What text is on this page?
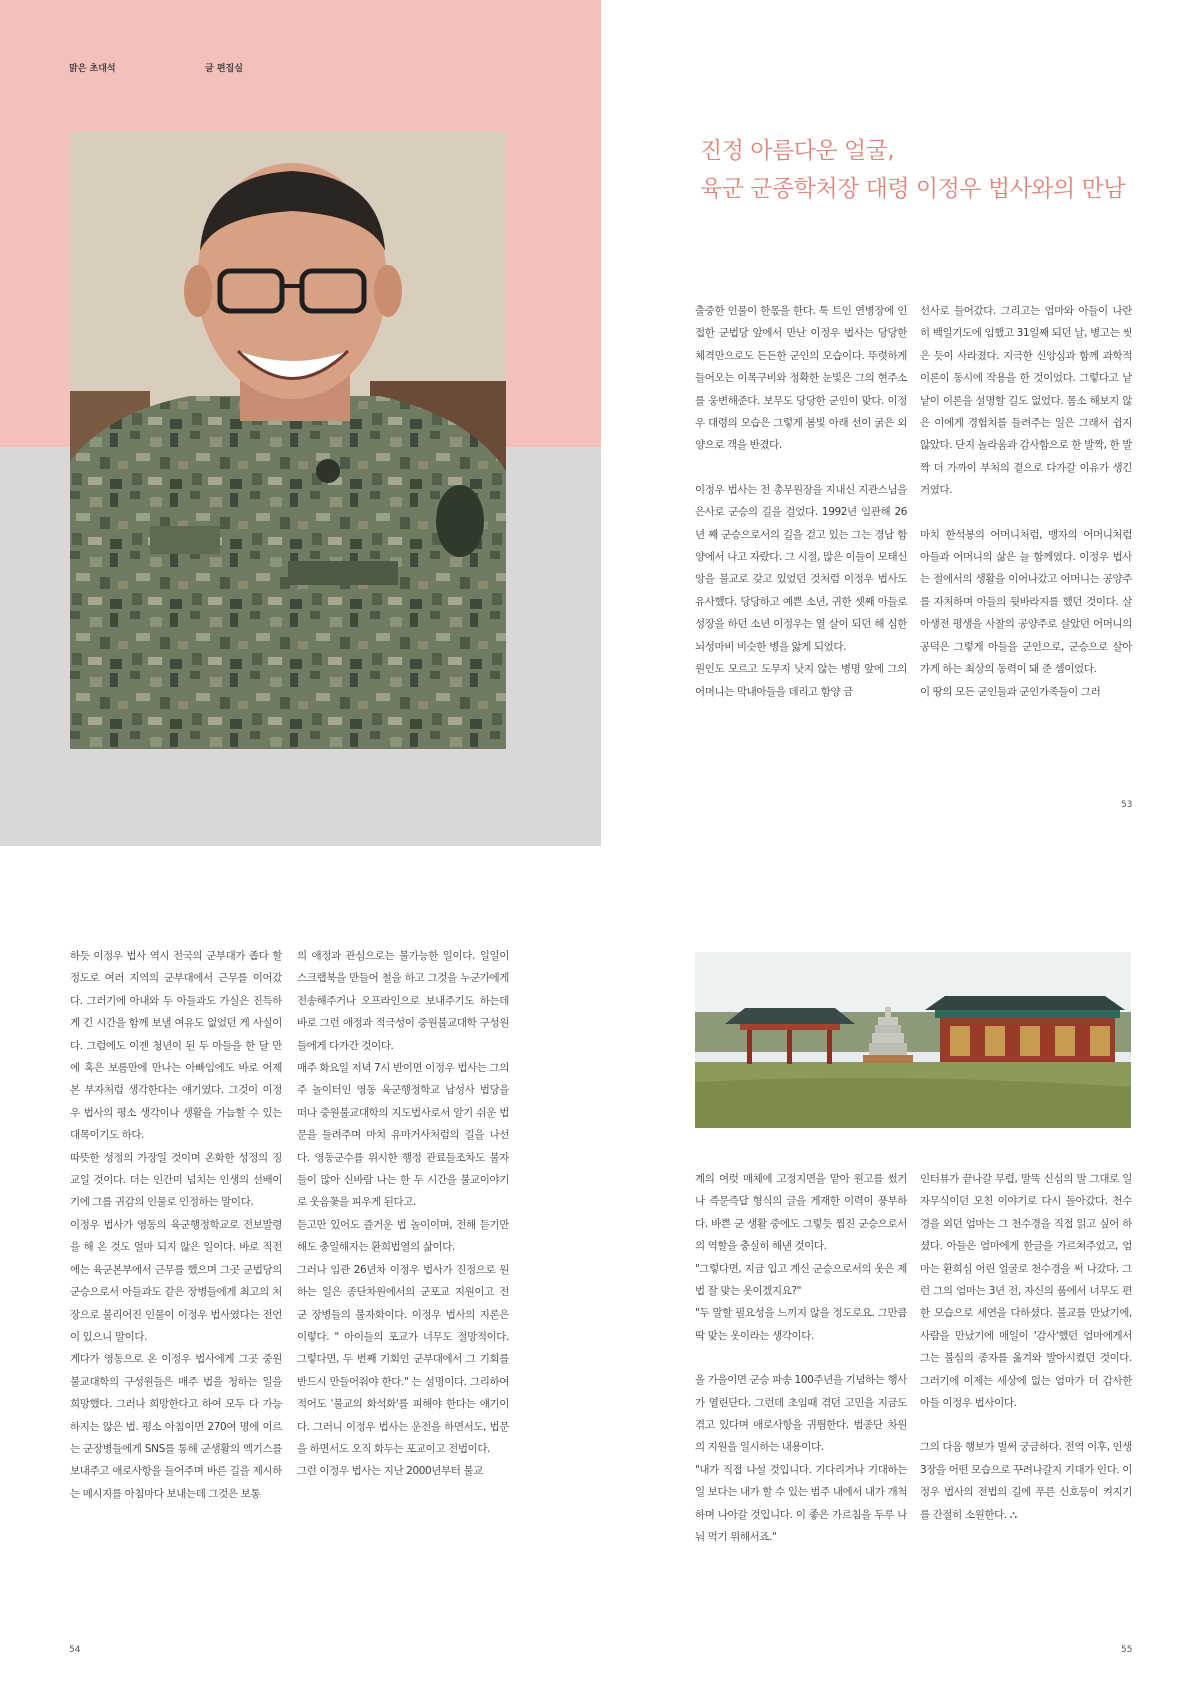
맑은 초대석	글 편집실
진정 아름다운 얼굴,
육군 군종학처장 대령 이정우 법사와의 만남

출중한 인물이 한몫을 한다. 툭 트인 연병장에 인접한 군법당 앞에서 만난 이정우 법사는 당당한 체격만으로도 든든한 군인의 모습이다. 뚜렷하게 들어오는 이목구비와 정확한 눈빛은 그의 현주소를 웅변해준다. 보무도 당당한 군인이 맞다. 이정우 대령의 모습은 그렇게 봄빛 아래 선이 굵은 외양으로 객을 반겼다.

이정우 법사는 전 총무원장을 지내신 지관스님을 은사로 군승의 길을 걸었다. 1992년 임관해 26년 째 군승으로서의 길을 걷고 있는 그는 경남 함양에서 나고 자랐다. 그 시절, 많은 이들이 모태신앙을 불교로 갖고 있었던 것처럼 이정우 법사도 유사했다. 당당하고 예쁜 소년, 귀한 셋째 아들로 성장을 하던 소년 이정우는 열 살이 되던 해 심한 뇌성마비 비슷한 병을 앓게 되었다.

원인도 모르고 도무지 낫지 않는 병명 앞에 그의 어머니는 막내아들을 데리고 함양 금

선사로 들어갔다. 그리고는 엄마와 아들이 나란히 백일기도에 임했고 31일째 되던 날, 병고는 씻은 듯이 사라졌다. 지극한 신앙심과 함께 과학적 이론이 동시에 작용을 한 것이었다. 그렇다고 낱낱이 이론을 설명할 길도 없었다. 몸소 해보지 않은 이에게 경험치를 들려주는 일은 그래서 쉽지 않았다. 단지 놀라움과 감사함으로 한 발짝, 한 발짝 더 가까이 부처의 곁으로 다가갈 이유가 생긴 거였다.

마치 한석봉의 어머니처럼, 맹자의 어머니처럼 아들과 어머니의 삶은 늘 함께였다. 이정우 법사는 절에서의 생활을 이어나갔고 어머니는 공양주를 자처하며 아들의 뒷바라지를 했던 것이다. 살아생전 평생을 사찰의 공양주로 살았던 어머니의 공덕은 그렇게 아들을 군인으로, 군승으로 살아가게 하는 최상의 동력이 돼 준 셈이었다.

이 땅의 모든 군인들과 군인가족들이 그러

53

하듯 이정우 법사 역시 전국의 군부대가 좁다 할 정도로 여러 지역의 군부대에서 근무를 이어갔다. 그러기에 아내와 두 아들과도 가실은 진득하게 긴 시간을 함께 보낼 여유도 없었던 게 사실이다. 그럼에도 이젠 청년이 된 두 아들을 한 달 만에 혹은 보름만에 만나는 아빠임에도 바로 어제 본 부자처럼 생각한다는 얘기였다. 그것이 이정우 법사의 평소 생각이나 생활을 가늠할 수 있는 대목이기도 하다.

따뜻한 성정의 가장일 것이며 온화한 성정의 징교일 것이다. 더는 인간미 넘치는 인생의 선배이기에 그를 귀감의 인물로 인정하는 말이다.

이정우 법사가 영동의 육군행정학교로 전보발령을 해 온 것도 얼마 되지 않은 일이다. 바로 직전에는 육군본부에서 근무를 했으며 그곳 군법당의 군승으로서 아들과도 같은 장병들에게 최고의 처장으로 불리어진 인물이 이정우 법사였다는 전언이 있으니 말이다.

게다가 영동으로 온 이정우 법사에게 그곳 중원불교대학의 구성원들은 매주 법을 청하는 일을 희망했다. 그러나 희망한다고 하여 모두 다 가능하지는 않은 법. 평소 아침이면 270여 명에 이르는 군장병들에게 SNS를 통해 군생활의 엑기스를 보내주고 애로사항을 들어주며 바른 길을 제시하는 메시지를 아침마다 보내는데 그것은 보통

의 애정과 관심으로는 불가능한 일이다. 일일이 스크랩북을 만들어 철을 하고 그것을 누군가에게 전송해주거나 오프라인으로 보내주기도 하는데 바로 그런 애정과 적극성이 중원불교대학 구성원들에게 다가간 것이다.

매주 화요일 저녁 7시 반이면 이정우 법사는 그의 주 놀이터인 영동 육군행정학교 남성사 법당을 떠나 중원불교대학의 지도법사로서 알기 쉬운 법문을 들려주며 마치 유마거사처럼의 길을 나선다. 영동군수를 위시한 행정 관료들조차도 불자들이 많아 신바람 나는 한 두 시간을 불교이야기로 웃음꽃을 피우게 된다고.

듣고만 있어도 즐거운 법 놀이이며, 전해 듣기만 해도 충일해지는 환희법열의 삶이다.

그러나 임관 26년차 이정우 법사가 진정으로 원하는 일은 종단차원에서의 군포교 지원이고 전 군 장병들의 불자화이다. 이정우 법사의 지론은 이렇다. " 아이들의 포교가 너무도 절망적이다. 그렇다면, 두 번째 기회인 군부대에서 그 기회를 반드시 만들어줘야 한다." 는 설명이다. 그리하여 적어도 '불교의 화석화'를 피해야 한다는 얘기이다. 그러니 이정우 법사는 운전을 하면서도, 법문을 하면서도 오직 화두는 포교이고 전법이다.

그런 이정우 법사는 지난 2000년부터 불교

54

계의 여럿 매체에 고정지면을 맡아 원고를 썼거나 즉문즉답 형식의 글을 게재한 이력이 풍부하다. 바쁜 군 생활 중에도 그렇듯 찜진 군승으로서의 역할을 충실히 해낸 것이다.

"그렇다면, 지금 입고 계신 군승으로서의 옷은 제법 잘 맞는 옷이겠지요?"

"두 말할 필요성을 느끼지 않을 정도로요. 그만큼 딱 맞는 옷이라는 생각이다.

올 가을이면 군승 파송 100주년을 기념하는 행사가 열린단다. 그런데 초임때 겪던 고민을 지금도 겪고 있다며 애로사항을 귀띔한다. 범종단 차원의 지원을 일시하는 내용이다.

"내가 직접 나설 것입니다. 기다리거나 기대하는 일 보다는 내가 할 수 있는 범주 내에서 내가 개척하며 나아갈 것입니다. 이 좋은 가르침을 두루 나눠 먹기 위해서죠."

인터뷰가 끝나갈 무렵, 말뚝 신심의 말 그대로 일자무식이던 모친 이야기로 다시 돌아갔다. 천수경을 외던 엄마는 그 천수경을 직접 읽고 싶어 하셨다. 아들은 엄마에게 한글을 가르쳐주었고, 엄마는 환희심 어린 얼굴로 천수경을 써 나갔다. 그런 그의 엄마는 3년 전, 자신의 품에서 너무도 편한 모습으로 세연을 다하셨다. 불교를 만났기에, 사람을 만났기에 매일이 '감사'했던 엄마에게서 그는 불심의 종자를 옮겨와 발아시켰던 것이다. 그러기에 이제는 세상에 없는 엄마가 더 감사한 아들 이정우 법사이다.

그의 다음 행보가 벌써 궁금하다. 전역 이후, 인생 3장을 어떤 모습으로 꾸려나갈지 기대가 인다. 이정우 법사의 전법의 길에 푸른 신호등이 켜지기를 간절히 소원한다. ⛬

55
